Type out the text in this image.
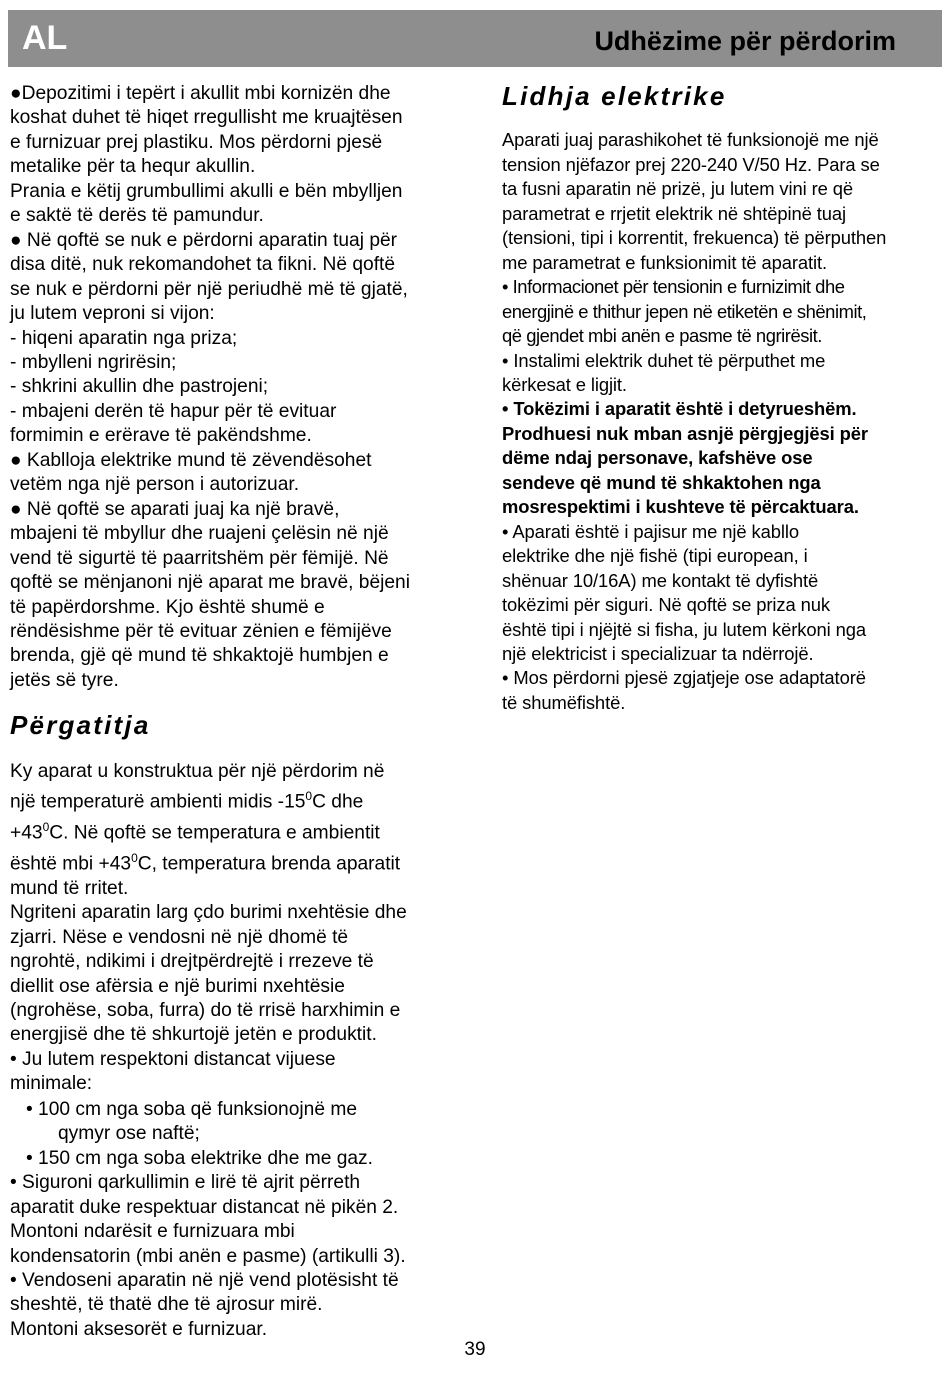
AL	Udhëzime për përdorim

●Depozitimi i tepërt i akullit mbi kornizën dhe

koshat duhet të hiqet rregullisht me kruajtësen

e furnizuar prej plastiku. Mos përdorni pjesë

metalike për ta hequr akullin.

Prania e këtij grumbullimi akulli e bën mbylljen

e saktë të derës të pamundur.

● Në qoftë se nuk e përdorni aparatin tuaj për

disa ditë, nuk rekomandohet ta fikni. Në qoftë

se nuk e përdorni për një periudhë më të gjatë,

ju lutem veproni si vijon:

- hiqeni aparatin nga priza;

- mbylleni ngrirësin;

- shkrini akullin dhe pastrojeni;

- mbajeni derën të hapur për të evituar

formimin e erërave të pakëndshme.

● Kablloja elektrike mund të zëvendësohet

vetëm nga një person i autorizuar.

● Në qoftë se aparati juaj ka një bravë,

mbajeni të mbyllur dhe ruajeni çelësin në një

vend të sigurtë të paarritshëm për fëmijë. Në

qoftë se mënjanoni një aparat me bravë, bëjeni

të papërdorshme. Kjo është shumë e

rëndësishme për të evituar zënien e fëmijëve

brenda, gjë që mund të shkaktojë humbjen e

jetës së tyre.

Përgatitja

Ky aparat u konstruktua për një përdorim në

një temperaturë ambienti midis $-15^0C$ dhe

$+43^0C$. Në qoftë se temperatura e ambientit

është mbi $+43^0C$, temperatura brenda aparatit

mund të rritet.

Ngriteni aparatin larg çdo burimi nxehtësie dhe

zjarri. Nëse e vendosni në një dhomë të

ngrohtë, ndikimi i drejtpërdrejtë i rrezeve të

diellit ose afërsia e një burimi nxehtësie

(ngrohëse, soba, furra) do të rrisë harxhimin e

energjisë dhe të shkurtojë jetën e produktit.

• Ju lutem respektoni distancat vijuese

minimale:

• 100 cm nga soba që funksionojnë me

qymyr ose naftë;

• 150 cm nga soba elektrike dhe me gaz.

• Siguroni qarkullimin e lirë të ajrit përreth

aparatit duke respektuar distancat në pikën 2.

Montoni ndarësit e furnizuara mbi

kondensatorin (mbi anën e pasme) (artikulli 3).

• Vendoseni aparatin në një vend plotësisht të

sheshtë, të thatë dhe të ajrosur mirë.

Montoni aksesorët e furnizuar.

Lidhja elektrike

Aparati juaj parashikohet të funksionojë me një

tension njëfazor prej 220-240 V/50 Hz. Para se

ta fusni aparatin në prizë, ju lutem vini re që

parametrat e rrjetit elektrik në shtëpinë tuaj

(tensioni, tipi i korrentit, frekuenca) të përputhen

me parametrat e funksionimit të aparatit.

• Informacionet për tensionin e furnizimit dhe

energjinë e thithur jepen në etiketën e shënimit,

që gjendet mbi anën e pasme të ngrirësit.

• Instalimi elektrik duhet të përputhet me

kërkesat e ligjit.

• Tokëzimi i aparatit është i detyrueshëm.

Prodhuesi nuk mban asnjë përgjegjësi për

dëme ndaj personave, kafshëve ose

sendeve që mund të shkaktohen nga

mosrespektimi i kushteve të përcaktuara.

• Aparati është i pajisur me një kabllo

elektrike dhe një fishë (tipi european, i

shënuar 10/16A) me kontakt të dyfishtë

tokëzimi për siguri. Në qoftë se priza nuk

është tipi i njëjtë si fisha, ju lutem kërkoni nga

një elektricist i specializuar ta ndërrojë.

• Mos përdorni pjesë zgjatjeje ose adaptatorë

të shumëfishtë.

39
